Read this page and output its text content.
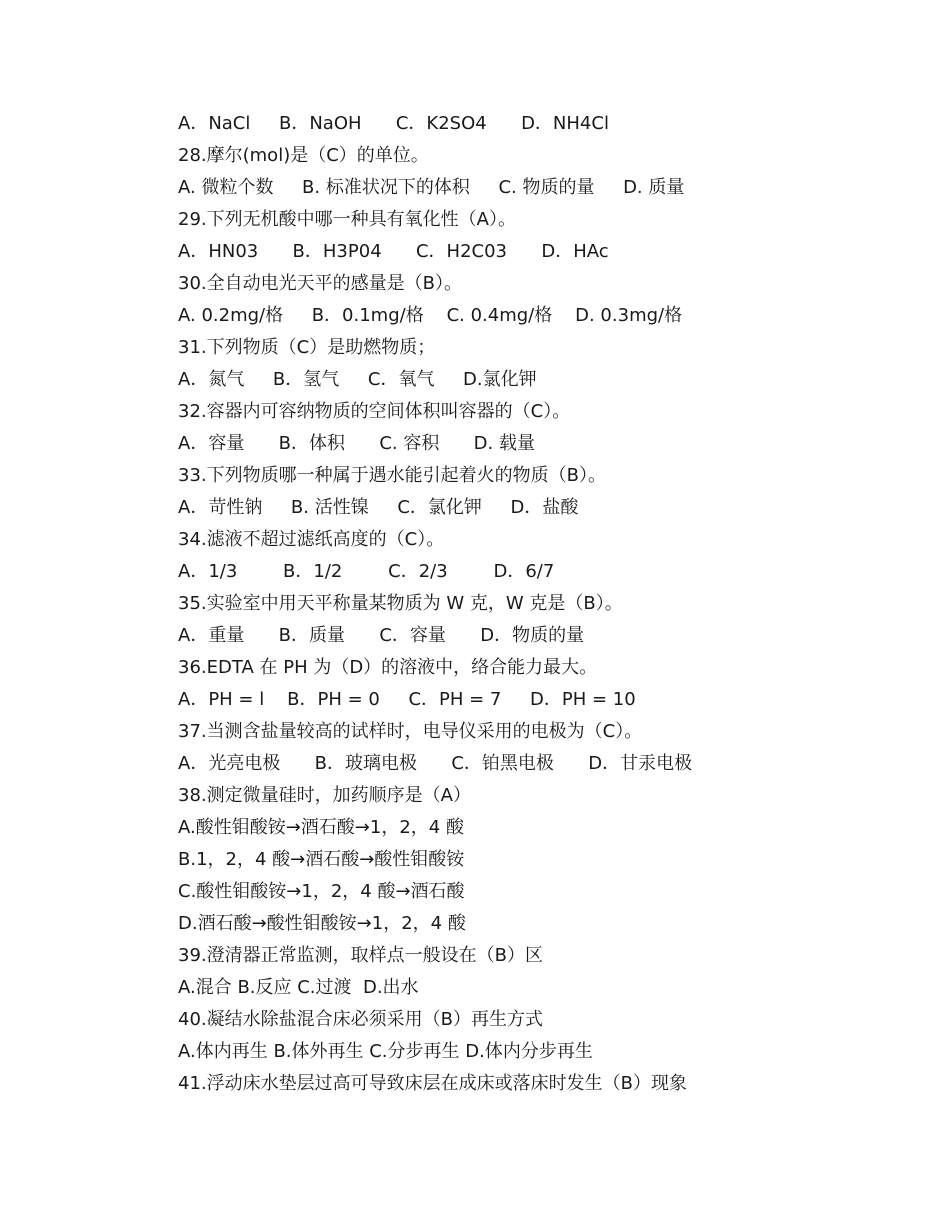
A．NaCl     B．NaOH      C．K2SO4      D．NH4Cl
28.摩尔(mol)是（C）的单位。
A. 微粒个数     B. 标准状况下的体积     C. 物质的量     D. 质量
29.下列无机酸中哪一种具有氧化性（A）。
A．HN03      B．H3P04      C．H2C03      D．HAc
30.全自动电光天平的感量是（B）。
A. 0.2mg/格     B．0.1mg/格    C. 0.4mg/格    D. 0.3mg/格
31.下列物质（C）是助燃物质；
A．氮气     B．氢气     C．氧气     D.氯化钾
32.容器内可容纳物质的空间体积叫容器的（C）。
A．容量      B．体积      C. 容积      D. 载量
33.下列物质哪一种属于遇水能引起着火的物质（B）。
A．苛性钠     B. 活性镍     C．氯化钾     D．盐酸
34.滤液不超过滤纸高度的（C）。
A．1/3        B．1/2        C．2/3        D．6/7
35.实验室中用天平称量某物质为 W 克，W 克是（B）。
A．重量      B．质量      C．容量      D．物质的量
36.EDTA 在 PH 为（D）的溶液中，络合能力最大。
A．PH = l    B．PH = 0     C．PH = 7     D．PH = 10
37.当测含盐量较高的试样时，电导仪采用的电极为（C）。
A．光亮电极      B．玻璃电极      C．铂黑电极      D．甘汞电极
38.测定微量硅时，加药顺序是（A）
A.酸性钼酸铵→酒石酸→1，2，4 酸
B.1，2，4 酸→酒石酸→酸性钼酸铵
C.酸性钼酸铵→1，2，4 酸→酒石酸
D.酒石酸→酸性钼酸铵→1，2，4 酸
39.澄清器正常监测，取样点一般设在（B）区
A.混合 B.反应 C.过渡  D.出水
40.凝结水除盐混合床必须采用（B）再生方式
A.体内再生 B.体外再生 C.分步再生 D.体内分步再生
41.浮动床水垫层过高可导致床层在成床或落床时发生（B）现象
